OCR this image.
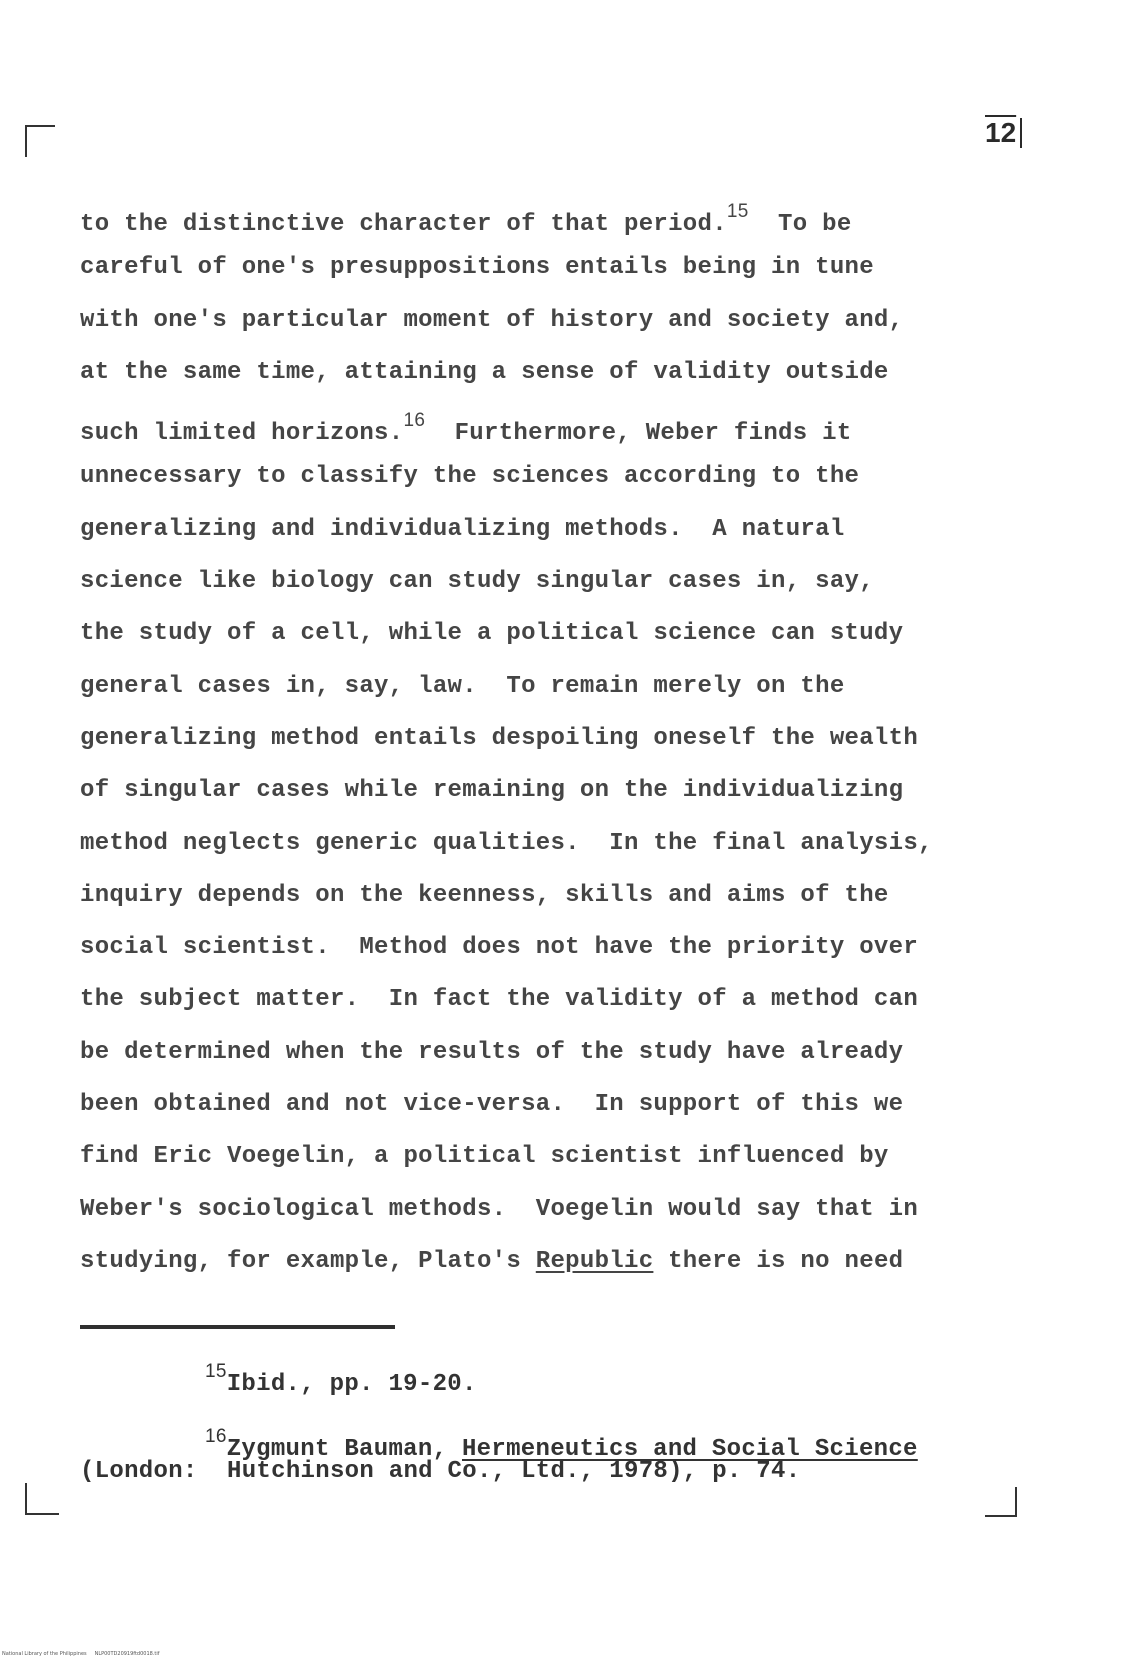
12
to the distinctive character of that period.$^{15}$  To be
careful of one's presuppositions entails being in tune
with one's particular moment of history and society and,
at the same time, attaining a sense of validity outside
such limited horizons.$^{16}$  Furthermore, Weber finds it
unnecessary to classify the sciences according to the
generalizing and individualizing methods.  A natural
science like biology can study singular cases in, say,
the study of a cell, while a political science can study
general cases in, say, law.  To remain merely on the
generalizing method entails despoiling oneself the wealth
of singular cases while remaining on the individualizing
method neglects generic qualities.  In the final analysis,
inquiry depends on the keenness, skills and aims of the
social scientist.  Method does not have the priority over
the subject matter.  In fact the validity of a method can
be determined when the results of the study have already
been obtained and not vice-versa.  In support of this we
find Eric Voegelin, a political scientist influenced by
Weber's sociological methods.  Voegelin would say that in
studying, for example, Plato's Republic there is no need
$^{15}$Ibid., pp. 19-20.
$^{16}$Zygmunt Bauman, Hermeneutics and Social Science
(London:  Hutchinson and Co., Ltd., 1978), p. 74.
National Library of the Philippines     NLP00TD20919ftd0018.tif
